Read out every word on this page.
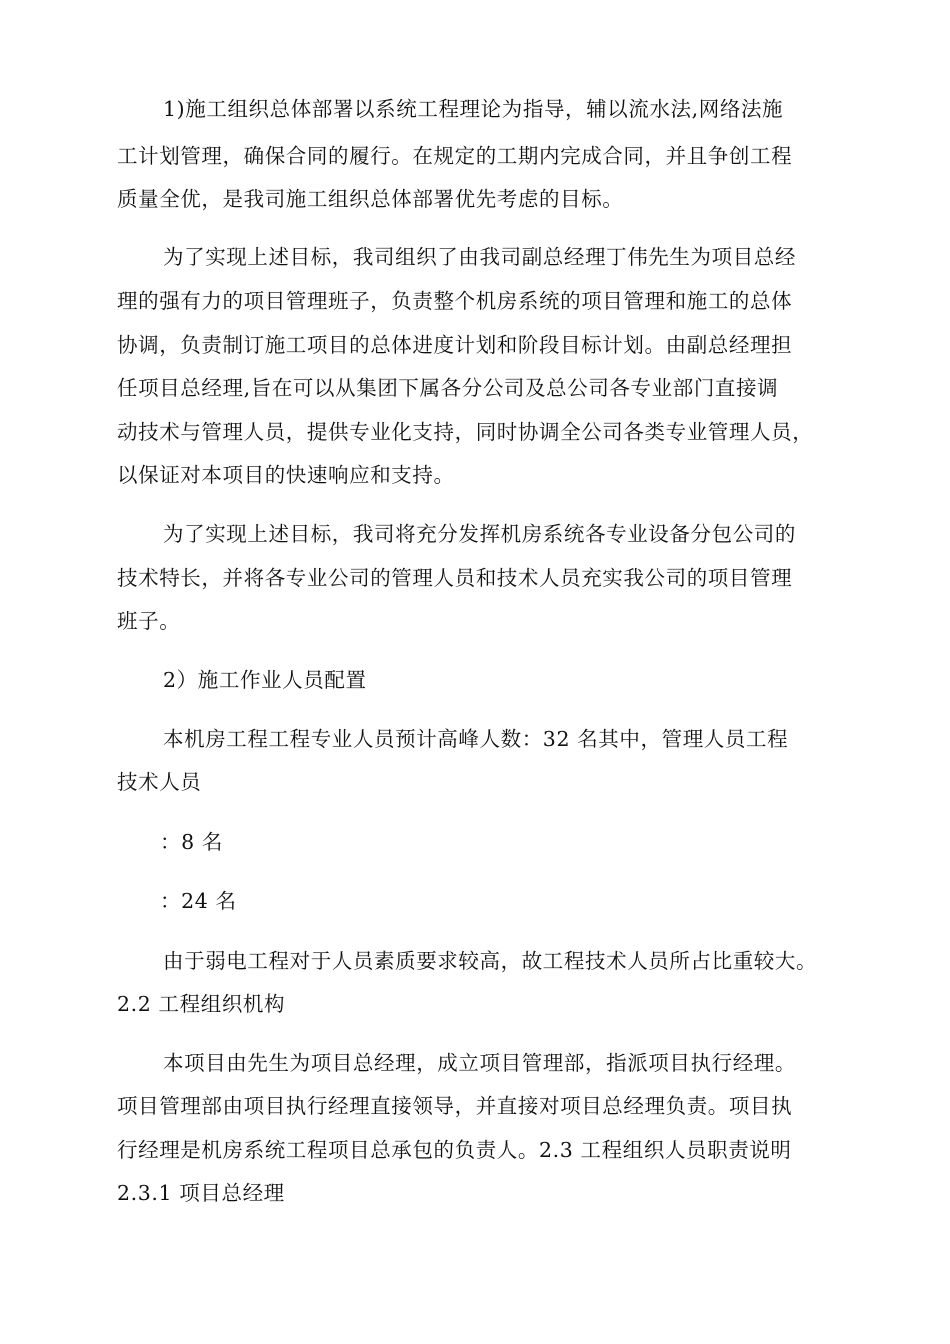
1)施工组织总体部署以系统工程理论为指导，辅以流水法,网络法施
工计划管理，确保合同的履行。在规定的工期内完成合同，并且争创工程
质量全优，是我司施工组织总体部署优先考虑的目标。
为了实现上述目标，我司组织了由我司副总经理丁伟先生为项目总经
理的强有力的项目管理班子，负责整个机房系统的项目管理和施工的总体
协调，负责制订施工项目的总体进度计划和阶段目标计划。由副总经理担
任项目总经理,旨在可以从集团下属各分公司及总公司各专业部门直接调
动技术与管理人员，提供专业化支持，同时协调全公司各类专业管理人员，
以保证对本项目的快速响应和支持。
为了实现上述目标，我司将充分发挥机房系统各专业设备分包公司的
技术特长，并将各专业公司的管理人员和技术人员充实我公司的项目管理
班子。
2）施工作业人员配置
本机房工程工程专业人员预计高峰人数：32 名其中，管理人员工程
技术人员
：8 名
：24 名
由于弱电工程对于人员素质要求较高，故工程技术人员所占比重较大。
2.2 工程组织机构
本项目由先生为项目总经理，成立项目管理部，指派项目执行经理。
项目管理部由项目执行经理直接领导，并直接对项目总经理负责。项目执
行经理是机房系统工程项目总承包的负责人。2.3 工程组织人员职责说明
2.3.1 项目总经理
